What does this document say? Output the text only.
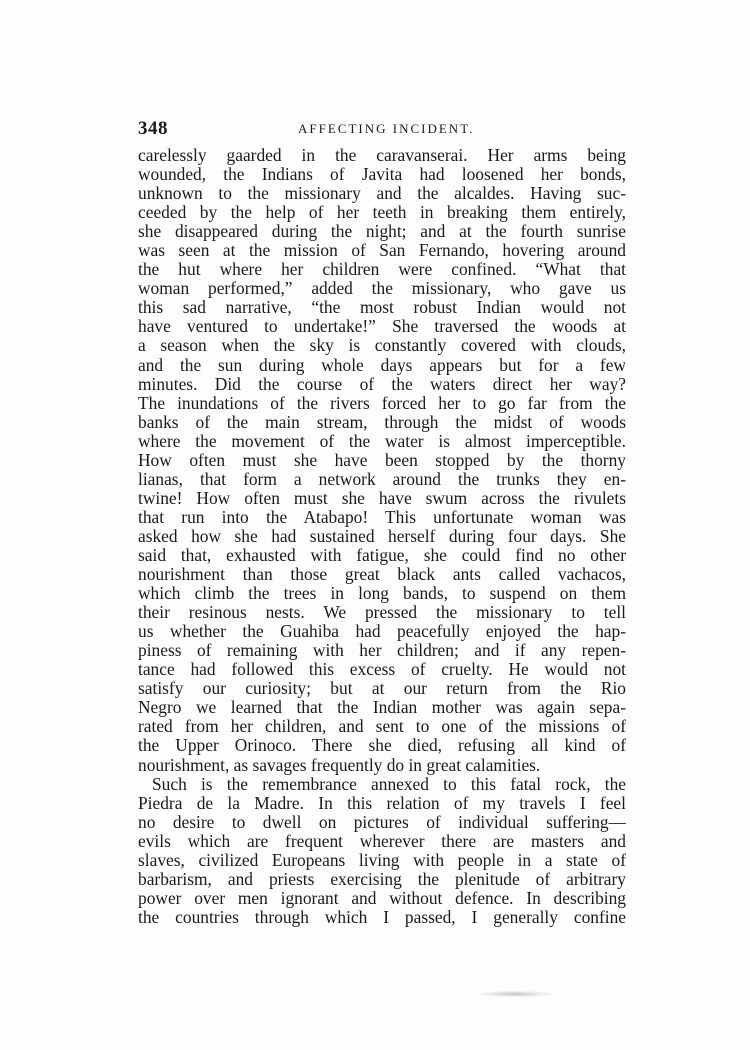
348	AFFECTING INCIDENT.
carelessly gaarded in the caravanserai. Her arms being
wounded, the Indians of Javita had loosened her bonds,
unknown to the missionary and the alcaldes. Having suc-
ceeded by the help of her teeth in breaking them entirely,
she disappeared during the night; and at the fourth sunrise
was seen at the mission of San Fernando, hovering around
the hut where her children were confined. “What that
woman performed,” added the missionary, who gave us
this sad narrative, “the most robust Indian would not
have ventured to undertake!” She traversed the woods at
a season when the sky is constantly covered with clouds,
and the sun during whole days appears but for a few
minutes. Did the course of the waters direct her way?
The inundations of the rivers forced her to go far from the
banks of the main stream, through the midst of woods
where the movement of the water is almost imperceptible.
How often must she have been stopped by the thorny
lianas, that form a network around the trunks they en-
twine! How often must she have swum across the rivulets
that run into the Atabapo! This unfortunate woman was
asked how she had sustained herself during four days. She
said that, exhausted with fatigue, she could find no other
nourishment than those great black ants called vachacos,
which climb the trees in long bands, to suspend on them
their resinous nests. We pressed the missionary to tell
us whether the Guahiba had peacefully enjoyed the hap-
piness of remaining with her children; and if any repen-
tance had followed this excess of cruelty. He would not
satisfy our curiosity; but at our return from the Rio
Negro we learned that the Indian mother was again sepa-
rated from her children, and sent to one of the missions of
the Upper Orinoco. There she died, refusing all kind of
nourishment, as savages frequently do in great calamities.
Such is the remembrance annexed to this fatal rock, the
Piedra de la Madre. In this relation of my travels I feel
no desire to dwell on pictures of individual suffering—
evils which are frequent wherever there are masters and
slaves, civilized Europeans living with people in a state of
barbarism, and priests exercising the plenitude of arbitrary
power over men ignorant and without defence. In describing
the countries through which I passed, I generally confine
